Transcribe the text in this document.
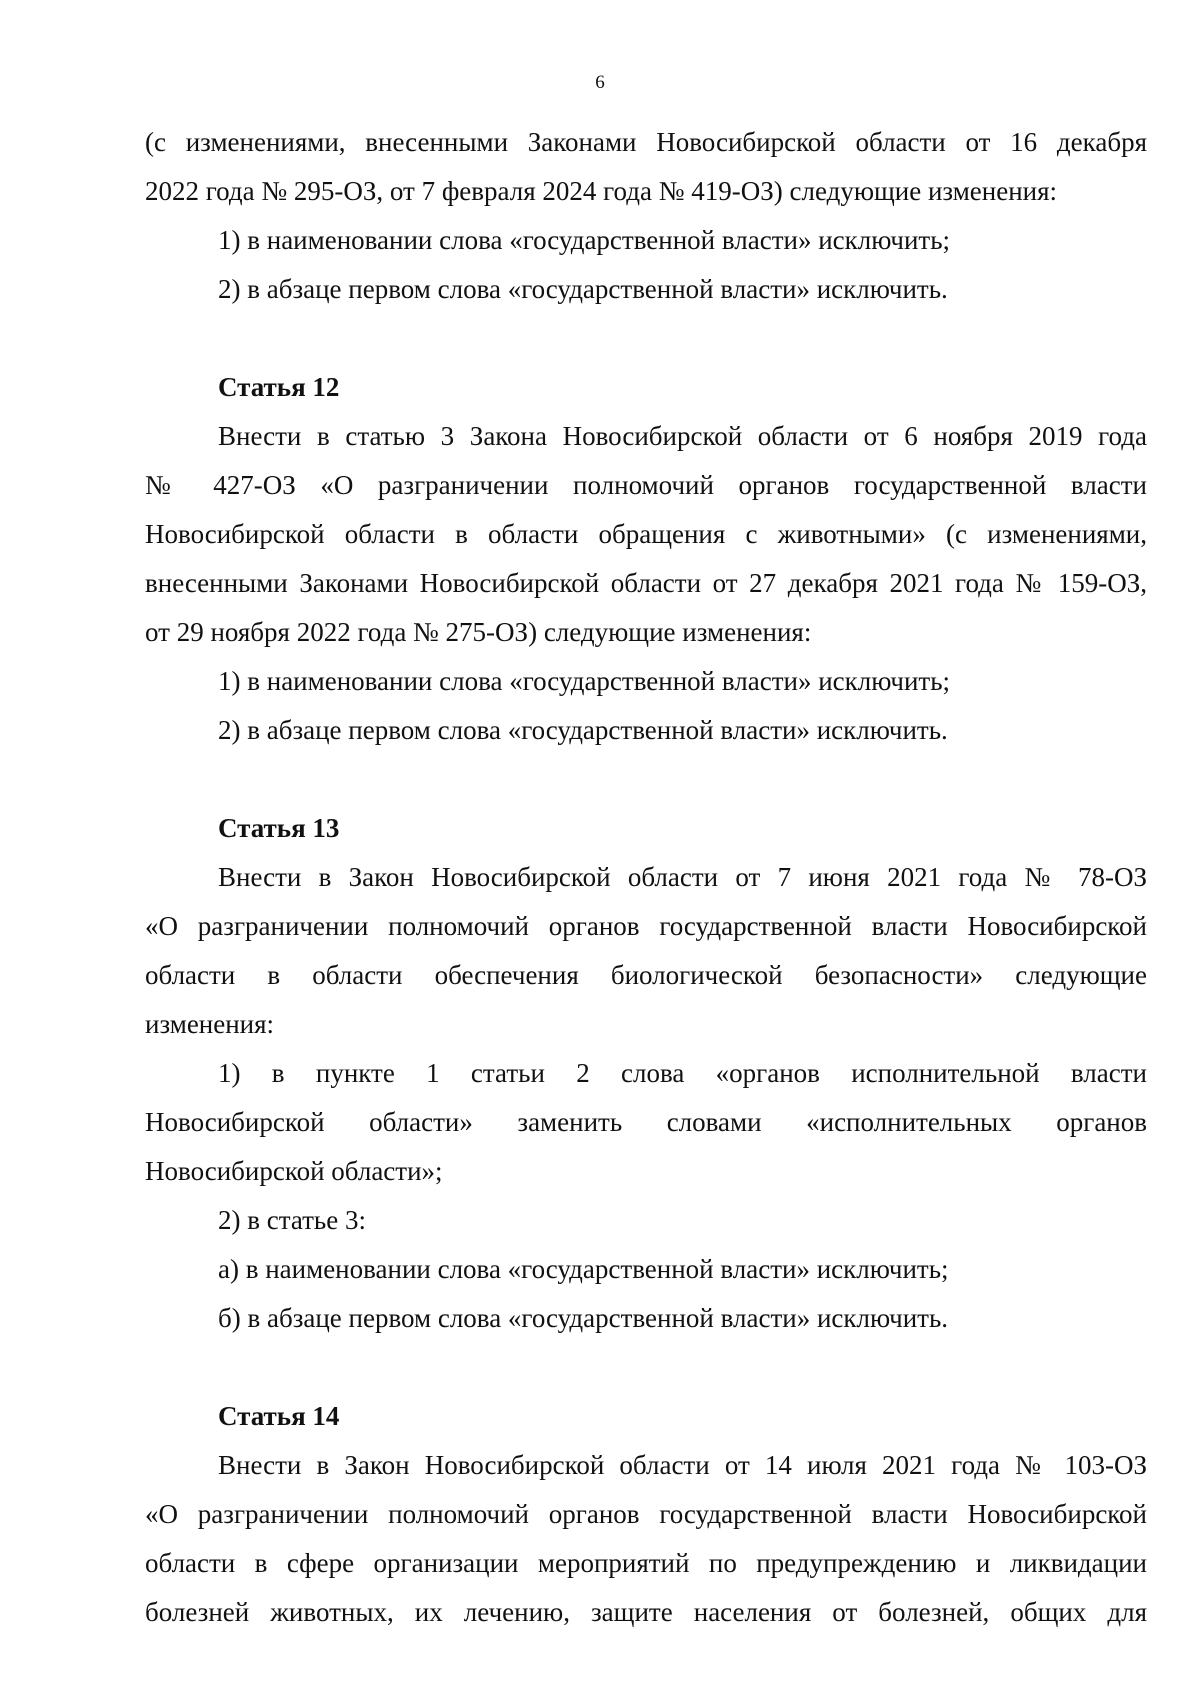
6

(с изменениями, внесенными Законами Новосибирской области от 16 декабря

2022 года № 295-ОЗ, от 7 февраля 2024 года № 419-ОЗ) следующие изменения:

1) в наименовании слова «государственной власти» исключить;

2) в абзаце первом слова «государственной власти» исключить.

Статья 12

Внести в статью 3 Закона Новосибирской области от 6 ноября 2019 года

№ 427-ОЗ «О разграничении полномочий органов государственной власти

Новосибирской области в области обращения с животными» (с изменениями,

внесенными Законами Новосибирской области от 27 декабря 2021 года № 159-ОЗ,

от 29 ноября 2022 года № 275-ОЗ) следующие изменения:

1) в наименовании слова «государственной власти» исключить;

2) в абзаце первом слова «государственной власти» исключить.

Статья 13

Внести в Закон Новосибирской области от 7 июня 2021 года № 78-ОЗ

«О разграничении полномочий органов государственной власти Новосибирской

области в области обеспечения биологической безопасности» следующие

изменения:

1) в пункте 1 статьи 2 слова «органов исполнительной власти

Новосибирской области» заменить словами «исполнительных органов

Новосибирской области»;

2) в статье 3:

а) в наименовании слова «государственной власти» исключить;

б) в абзаце первом слова «государственной власти» исключить.

Статья 14

Внести в Закон Новосибирской области от 14 июля 2021 года № 103-ОЗ

«О разграничении полномочий органов государственной власти Новосибирской

области в сфере организации мероприятий по предупреждению и ликвидации

болезней животных, их лечению, защите населения от болезней, общих для
